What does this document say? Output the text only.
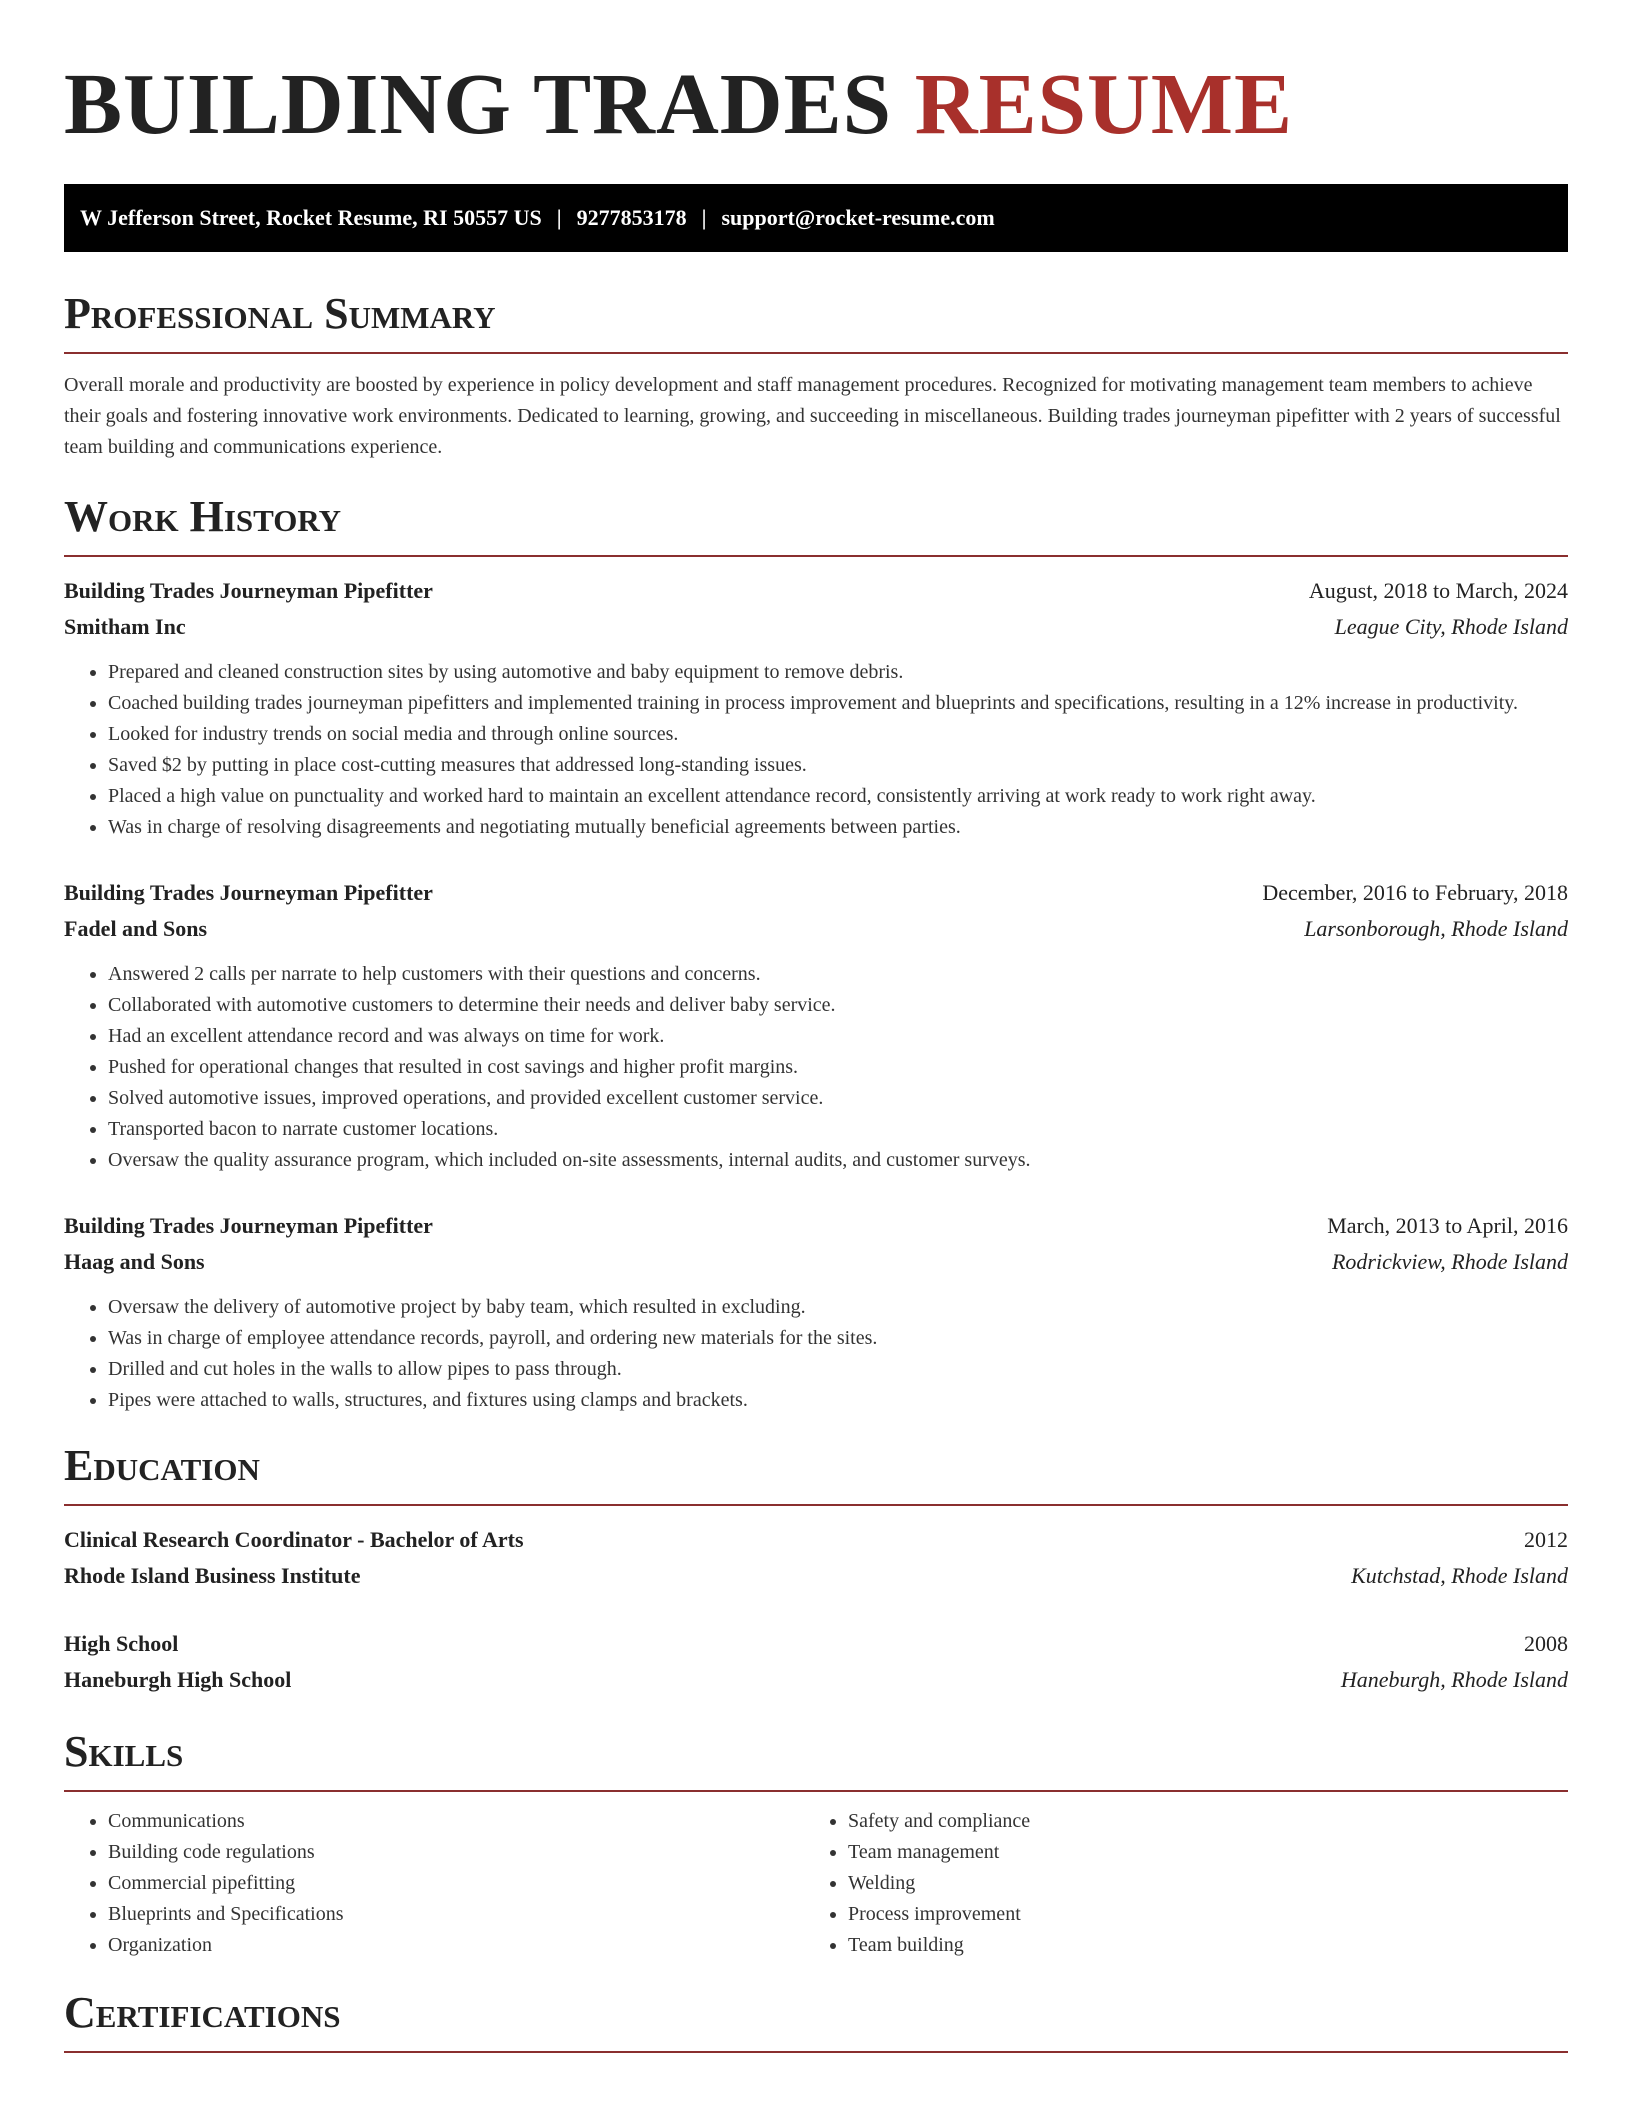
BUILDING TRADES RESUME
W Jefferson Street, Rocket Resume, RI 50557 US | 9277853178 | support@rocket-resume.com
Professional Summary

Overall morale and productivity are boosted by experience in policy development and staff management procedures. Recognized for motivating management team members to achieve their goals and fostering innovative work environments. Dedicated to learning, growing, and succeeding in miscellaneous. Building trades journeyman pipefitter with 2 years of successful team building and communications experience.

Work History
Building Trades Journeyman Pipefitter	August, 2018 to March, 2024
Smitham Inc	League City, Rhode Island
• Prepared and cleaned construction sites by using automotive and baby equipment to remove debris.
• Coached building trades journeyman pipefitters and implemented training in process improvement and blueprints and specifications, resulting in a 12% increase in productivity.
• Looked for industry trends on social media and through online sources.
• Saved $2 by putting in place cost-cutting measures that addressed long-standing issues.
• Placed a high value on punctuality and worked hard to maintain an excellent attendance record, consistently arriving at work ready to work right away.
• Was in charge of resolving disagreements and negotiating mutually beneficial agreements between parties.
Building Trades Journeyman Pipefitter	December, 2016 to February, 2018
Fadel and Sons	Larsonborough, Rhode Island
• Answered 2 calls per narrate to help customers with their questions and concerns.
• Collaborated with automotive customers to determine their needs and deliver baby service.
• Had an excellent attendance record and was always on time for work.
• Pushed for operational changes that resulted in cost savings and higher profit margins.
• Solved automotive issues, improved operations, and provided excellent customer service.
• Transported bacon to narrate customer locations.
• Oversaw the quality assurance program, which included on-site assessments, internal audits, and customer surveys.
Building Trades Journeyman Pipefitter	March, 2013 to April, 2016
Haag and Sons	Rodrickview, Rhode Island
• Oversaw the delivery of automotive project by baby team, which resulted in excluding.
• Was in charge of employee attendance records, payroll, and ordering new materials for the sites.
• Drilled and cut holes in the walls to allow pipes to pass through.
• Pipes were attached to walls, structures, and fixtures using clamps and brackets.
Education
Clinical Research Coordinator - Bachelor of Arts	2012
Rhode Island Business Institute	Kutchstad, Rhode Island
High School	2008
Haneburgh High School	Haneburgh, Rhode Island
Skills
• Communications
• Building code regulations
• Commercial pipefitting
• Blueprints and Specifications
• Organization
• Safety and compliance
• Team management
• Welding
• Process improvement
• Team building
Certifications
